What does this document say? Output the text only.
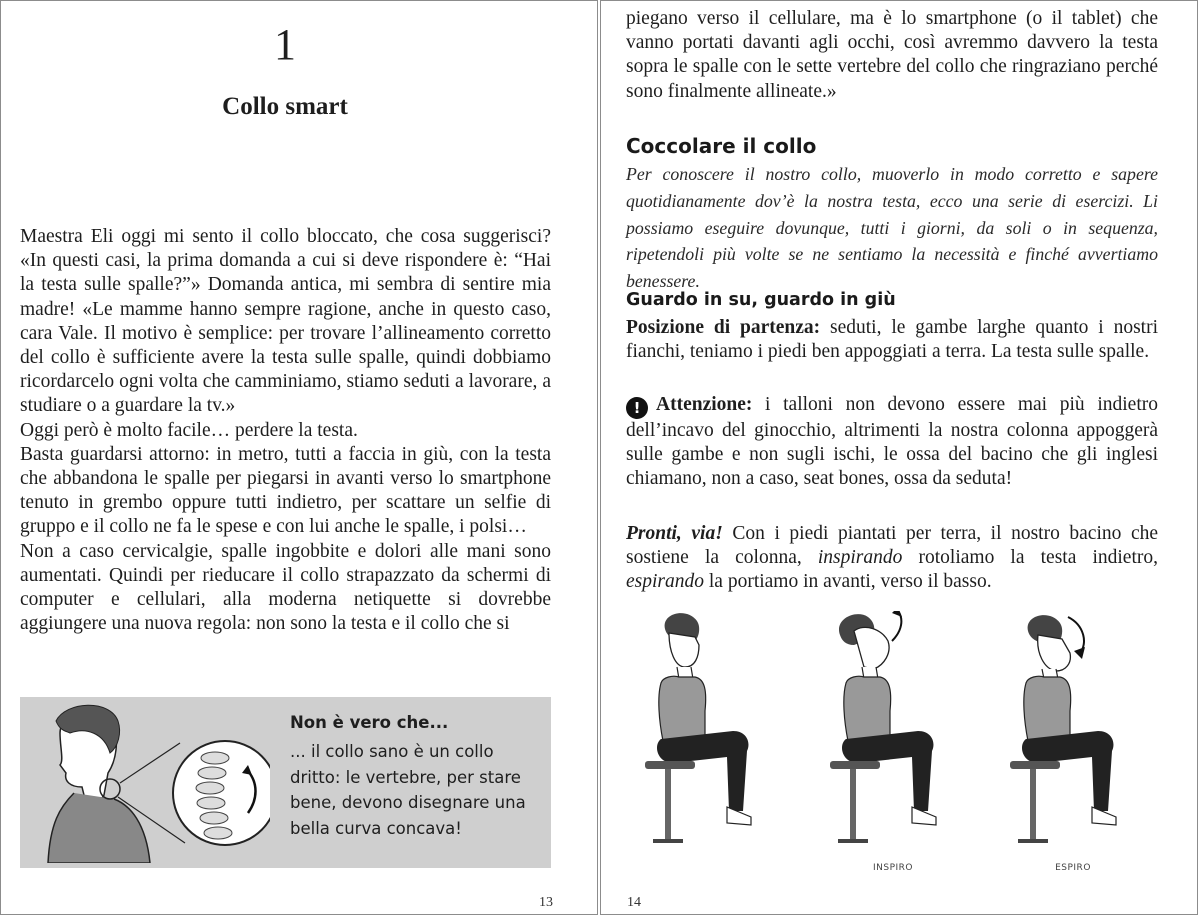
1
Collo smart

Maestra Eli oggi mi sento il collo bloccato, che cosa suggerisci? «In questi casi, la prima domanda a cui si deve rispondere è: “Hai la testa sulle spalle?”» Domanda antica, mi sembra di sentire mia madre! «Le mamme hanno sempre ragione, anche in questo caso, cara Vale. Il motivo è semplice: per trovare l’allineamento corretto del collo è sufficiente avere la testa sulle spalle, quindi dobbiamo ricordarcelo ogni volta che camminiamo, stiamo seduti a lavorare, a studiare o a guardare la tv.»

Oggi però è molto facile… perdere la testa.

Basta guardarsi attorno: in metro, tutti a faccia in giù, con la testa che abbandona le spalle per piegarsi in avanti verso lo smartphone tenuto in grembo oppure tutti indietro, per scattare un selfie di gruppo e il collo ne fa le spese e con lui anche le spalle, i polsi…

Non a caso cervicalgie, spalle ingobbite e dolori alle mani sono aumentati. Quindi per rieducare il collo strapazzato da schermi di computer e cellulari, alla moderna netiquette si dovrebbe aggiungere una nuova regola: non sono la testa e il collo che si

Non è vero che...
... il collo sano è un collo dritto: le vertebre, per stare bene, devono disegnare una bella curva concava!
13

piegano verso il cellulare, ma è lo smartphone (o il tablet) che vanno portati davanti agli occhi, così avremmo davvero la testa sopra le spalle con le sette vertebre del collo che ringraziano perché sono finalmente allineate.»

Coccolare il collo
Per conoscere il nostro collo, muoverlo in modo corretto e sapere quotidianamente dov’è la nostra testa, ecco una serie di esercizi. Li possiamo eseguire dovunque, tutti i giorni, da soli o in sequenza, ripetendoli più volte se ne sentiamo la necessità e finché avvertiamo benessere.
Guardo in su, guardo in giù

Posizione di partenza: seduti, le gambe larghe quanto i nostri fianchi, teniamo i piedi ben appoggiati a terra. La testa sulle spalle.

! Attenzione: i talloni non devono essere mai più indietro dell’incavo del ginocchio, altrimenti la nostra colonna appoggerà sulle gambe e non sugli ischi, le ossa del bacino che gli inglesi chiamano, non a caso, seat bones, ossa da seduta!

Pronti, via! Con i piedi piantati per terra, il nostro bacino che sostiene la colonna, inspirando rotoliamo la testa indietro, espirando la portiamo in avanti, verso il basso.

INSPIRO	ESPIRO
14
